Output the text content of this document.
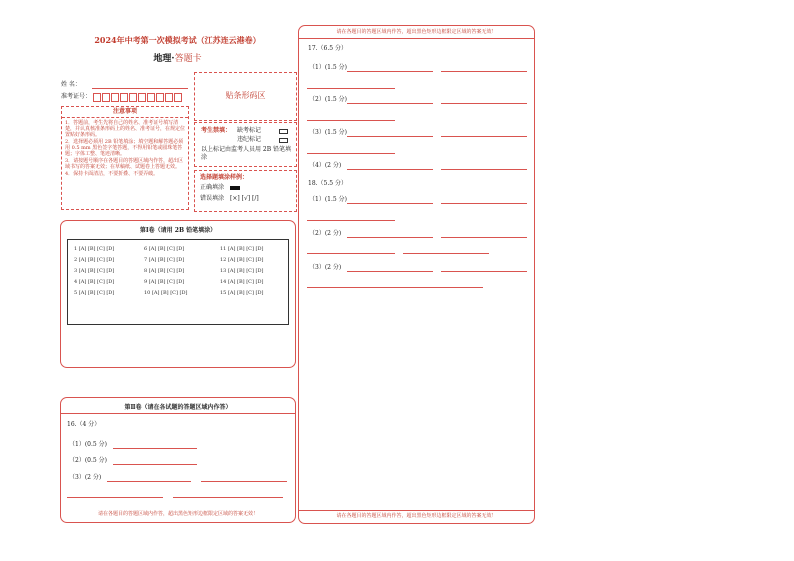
2024年中考第一次模拟考试（江苏连云港卷）
地理·答题卡
姓 名：
准考证号：	贴条形码区
注意事项
1．答题前，考生先将自己的姓名、准考证号填写清楚，并认真核准条形码上的姓名、准考证号，在规定位置贴好条形码。
2．选择题必须用 2B 铅笔填涂；填空题和解答题必须用 0.5 mm 黑色签字笔答题，不得用铅笔或圆珠笔答题；字体工整、笔迹清晰。
3．请按题号顺序在各题目的答题区域内作答，超出区域书写的答案无效；在草稿纸、试题卷上答题无效。
4．保持卡面清洁，不要折叠、不要弄破。
考生禁填： 缺考标记
违纪标记
以上标记由监考人员用 2B 铅笔填涂
选择题填涂样例：
正确填涂
错误填涂 [×] [√] [/]
第Ⅰ卷（请用 2B 铅笔填涂）
1 [A] [B] [C] [D]	6 [A] [B] [C] [D]	11 [A] [B] [C] [D]
2 [A] [B] [C] [D]	7 [A] [B] [C] [D]	12 [A] [B] [C] [D]
3 [A] [B] [C] [D]	8 [A] [B] [C] [D]	13 [A] [B] [C] [D]
4 [A] [B] [C] [D]	9 [A] [B] [C] [D]	14 [A] [B] [C] [D]
5 [A] [B] [C] [D]	10 [A] [B] [C] [D]	15 [A] [B] [C] [D]
第Ⅱ卷（请在各试题的答题区域内作答）
16.（4 分）
（1）(0.5 分)
（2）(0.5 分)
（3）(2 分)
请在各题目的答题区域内作答，超出黑色矩形边框限定区域的答案无效！
请在各题目的答题区域内作答，超出黑色矩形边框限定区域的答案无效！
17.（6.5 分）
（1）(1.5 分)
（2）(1.5 分)
（3）(1.5 分)
（4）(2 分)
18.（5.5 分）
（1）(1.5 分)
（2）(2 分)
（3）(2 分)
请在各题目的答题区域内作答，超出黑色矩形边框限定区域的答案无效！
